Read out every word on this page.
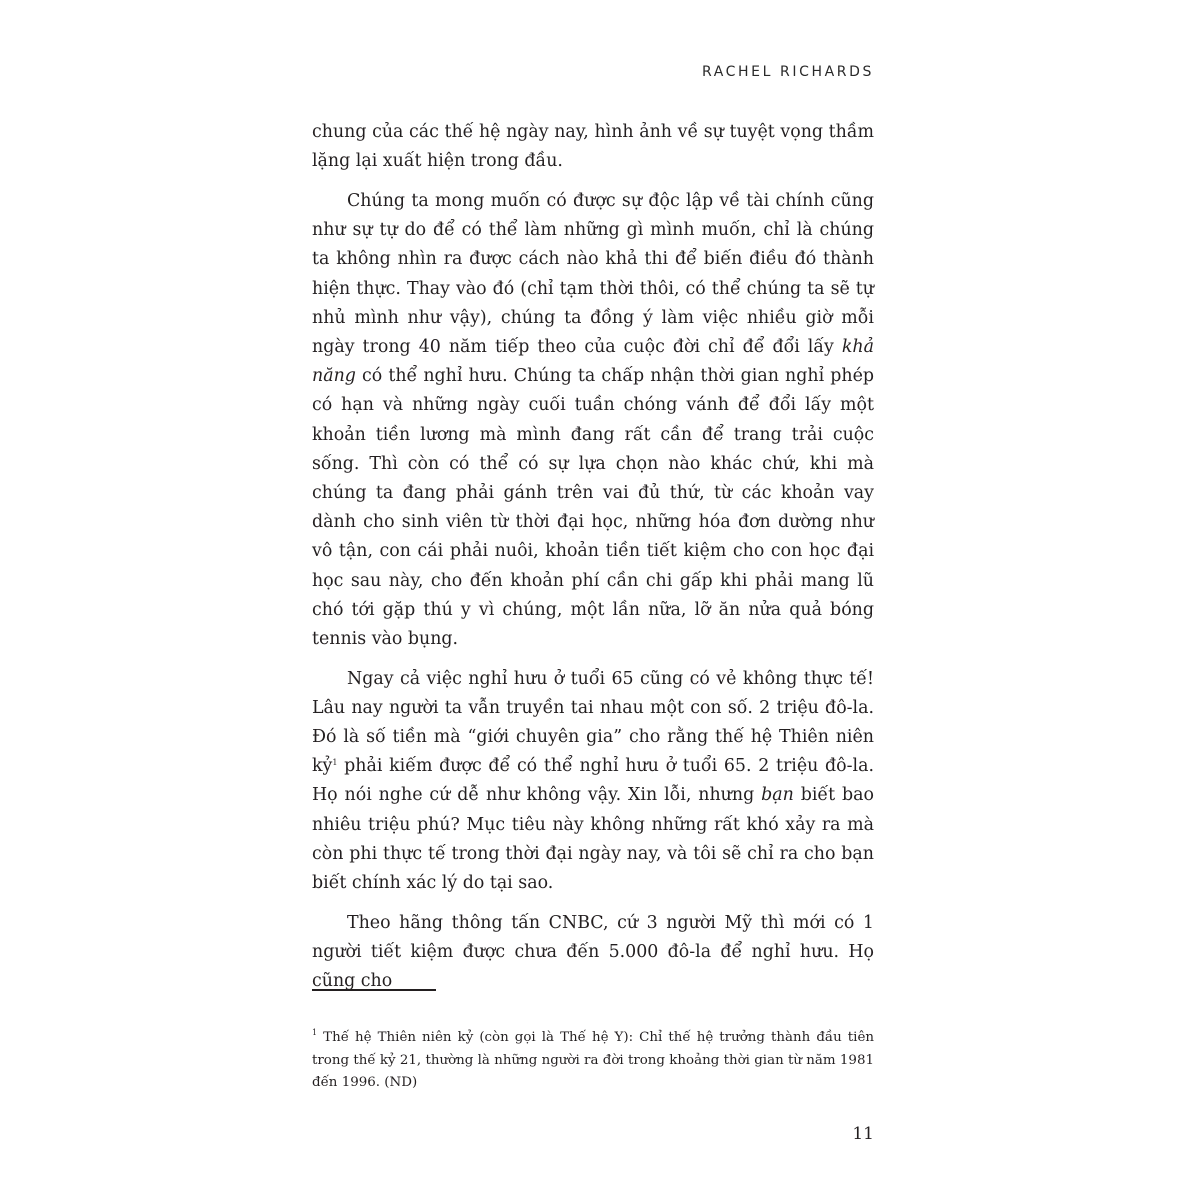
RACHEL RICHARDS

chung của các thế hệ ngày nay, hình ảnh về sự tuyệt vọng thầm lặng lại xuất hiện trong đầu.

Chúng ta mong muốn có được sự độc lập về tài chính cũng như sự tự do để có thể làm những gì mình muốn, chỉ là chúng ta không nhìn ra được cách nào khả thi để biến điều đó thành hiện thực. Thay vào đó (chỉ tạm thời thôi, có thể chúng ta sẽ tự nhủ mình như vậy), chúng ta đồng ý làm việc nhiều giờ mỗi ngày trong 40 năm tiếp theo của cuộc đời chỉ để đổi lấy khả năng có thể nghỉ hưu. Chúng ta chấp nhận thời gian nghỉ phép có hạn và những ngày cuối tuần chóng vánh để đổi lấy một khoản tiền lương mà mình đang rất cần để trang trải cuộc sống. Thì còn có thể có sự lựa chọn nào khác chứ, khi mà chúng ta đang phải gánh trên vai đủ thứ, từ các khoản vay dành cho sinh viên từ thời đại học, những hóa đơn dường như vô tận, con cái phải nuôi, khoản tiền tiết kiệm cho con học đại học sau này, cho đến khoản phí cần chi gấp khi phải mang lũ chó tới gặp thú y vì chúng, một lần nữa, lỡ ăn nửa quả bóng tennis vào bụng.

Ngay cả việc nghỉ hưu ở tuổi 65 cũng có vẻ không thực tế! Lâu nay người ta vẫn truyền tai nhau một con số. 2 triệu đô-la. Đó là số tiền mà “giới chuyên gia” cho rằng thế hệ Thiên niên kỷ$^1$ phải kiếm được để có thể nghỉ hưu ở tuổi 65. 2 triệu đô-la. Họ nói nghe cứ dễ như không vậy. Xin lỗi, nhưng bạn biết bao nhiêu triệu phú? Mục tiêu này không những rất khó xảy ra mà còn phi thực tế trong thời đại ngày nay, và tôi sẽ chỉ ra cho bạn biết chính xác lý do tại sao.

Theo hãng thông tấn CNBC, cứ 3 người Mỹ thì mới có 1 người tiết kiệm được chưa đến 5.000 đô-la để nghỉ hưu. Họ cũng cho

$^1$ Thế hệ Thiên niên kỷ (còn gọi là Thế hệ Y): Chỉ thế hệ trưởng thành đầu tiên trong thế kỷ 21, thường là những người ra đời trong khoảng thời gian từ năm 1981 đến 1996. (ND)

11
